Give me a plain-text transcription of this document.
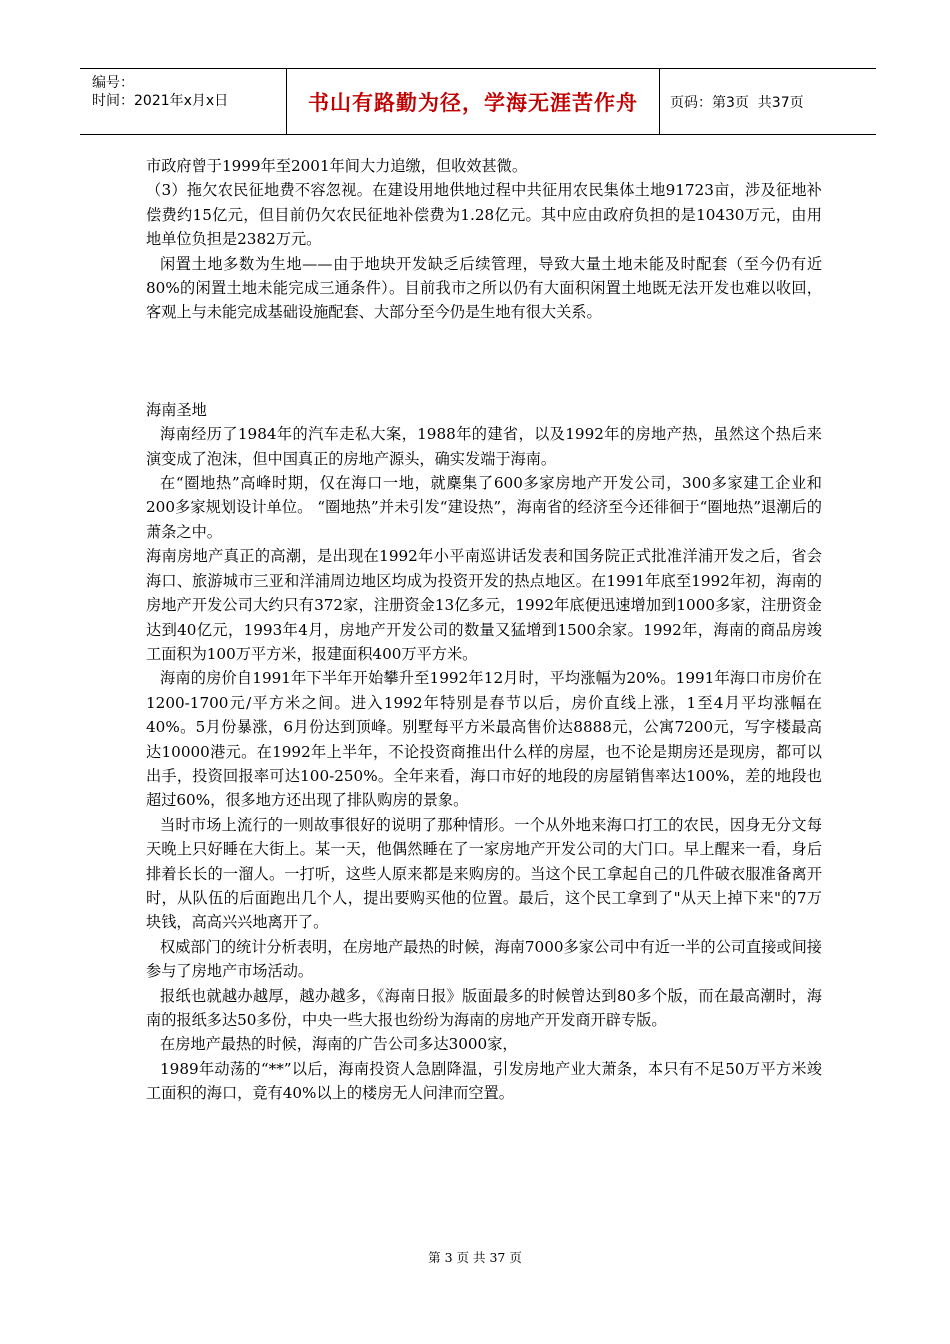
编号：
时间：2021年x月x日	书山有路勤为径，学海无涯苦作舟	页码：第3页  共37页

市政府曾于1999年至2001年间大力追缴，但收效甚微。

（3）拖欠农民征地费不容忽视。在建设用地供地过程中共征用农民集体土地91723亩，涉及征地补偿费约15亿元，但目前仍欠农民征地补偿费为1.28亿元。其中应由政府负担的是10430万元，由用地单位负担是2382万元。

闲置土地多数为生地——由于地块开发缺乏后续管理，导致大量土地未能及时配套（至今仍有近80%的闲置土地未能完成三通条件）。目前我市之所以仍有大面积闲置土地既无法开发也难以收回，客观上与未能完成基础设施配套、大部分至今仍是生地有很大关系。

海南圣地

海南经历了1984年的汽车走私大案，1988年的建省，以及1992年的房地产热，虽然这个热后来演变成了泡沫，但中国真正的房地产源头，确实发端于海南。

在“圈地热”高峰时期，仅在海口一地，就麇集了600多家房地产开发公司，300多家建工企业和200多家规划设计单位。 “圈地热”并未引发“建设热”，海南省的经济至今还徘徊于“圈地热”退潮后的萧条之中。

海南房地产真正的高潮，是出现在1992年小平南巡讲话发表和国务院正式批准洋浦开发之后，省会海口、旅游城市三亚和洋浦周边地区均成为投资开发的热点地区。在1991年底至1992年初，海南的房地产开发公司大约只有372家，注册资金13亿多元，1992年底便迅速增加到1000多家，注册资金达到40亿元，1993年4月，房地产开发公司的数量又猛增到1500余家。1992年，海南的商品房竣工面积为100万平方米，报建面积400万平方米。

海南的房价自1991年下半年开始攀升至1992年12月时，平均涨幅为20%。1991年海口市房价在1200-1700元/平方米之间。进入1992年特别是春节以后，房价直线上涨，1至4月平均涨幅在40%。5月份暴涨，6月份达到顶峰。别墅每平方米最高售价达8888元，公寓7200元，写字楼最高达10000港元。在1992年上半年，不论投资商推出什么样的房屋，也不论是期房还是现房，都可以出手，投资回报率可达100-250%。全年来看，海口市好的地段的房屋销售率达100%，差的地段也超过60%，很多地方还出现了排队购房的景象。

当时市场上流行的一则故事很好的说明了那种情形。一个从外地来海口打工的农民，因身无分文每天晚上只好睡在大街上。某一天，他偶然睡在了一家房地产开发公司的大门口。早上醒来一看，身后排着长长的一溜人。一打听，这些人原来都是来购房的。当这个民工拿起自己的几件破衣服准备离开时，从队伍的后面跑出几个人，提出要购买他的位置。最后，这个民工拿到了"从天上掉下来"的7万块钱，高高兴兴地离开了。

权威部门的统计分析表明，在房地产最热的时候，海南7000多家公司中有近一半的公司直接或间接参与了房地产市场活动。

报纸也就越办越厚，越办越多，《海南日报》版面最多的时候曾达到80多个版，而在最高潮时，海南的报纸多达50多份，中央一些大报也纷纷为海南的房地产开发商开辟专版。

在房地产最热的时候，海南的广告公司多达3000家，

1989年动荡的“**”以后，海南投资人急剧降温，引发房地产业大萧条，本只有不足50万平方米竣工面积的海口，竟有40%以上的楼房无人问津而空置。

第 3 页 共 37 页
